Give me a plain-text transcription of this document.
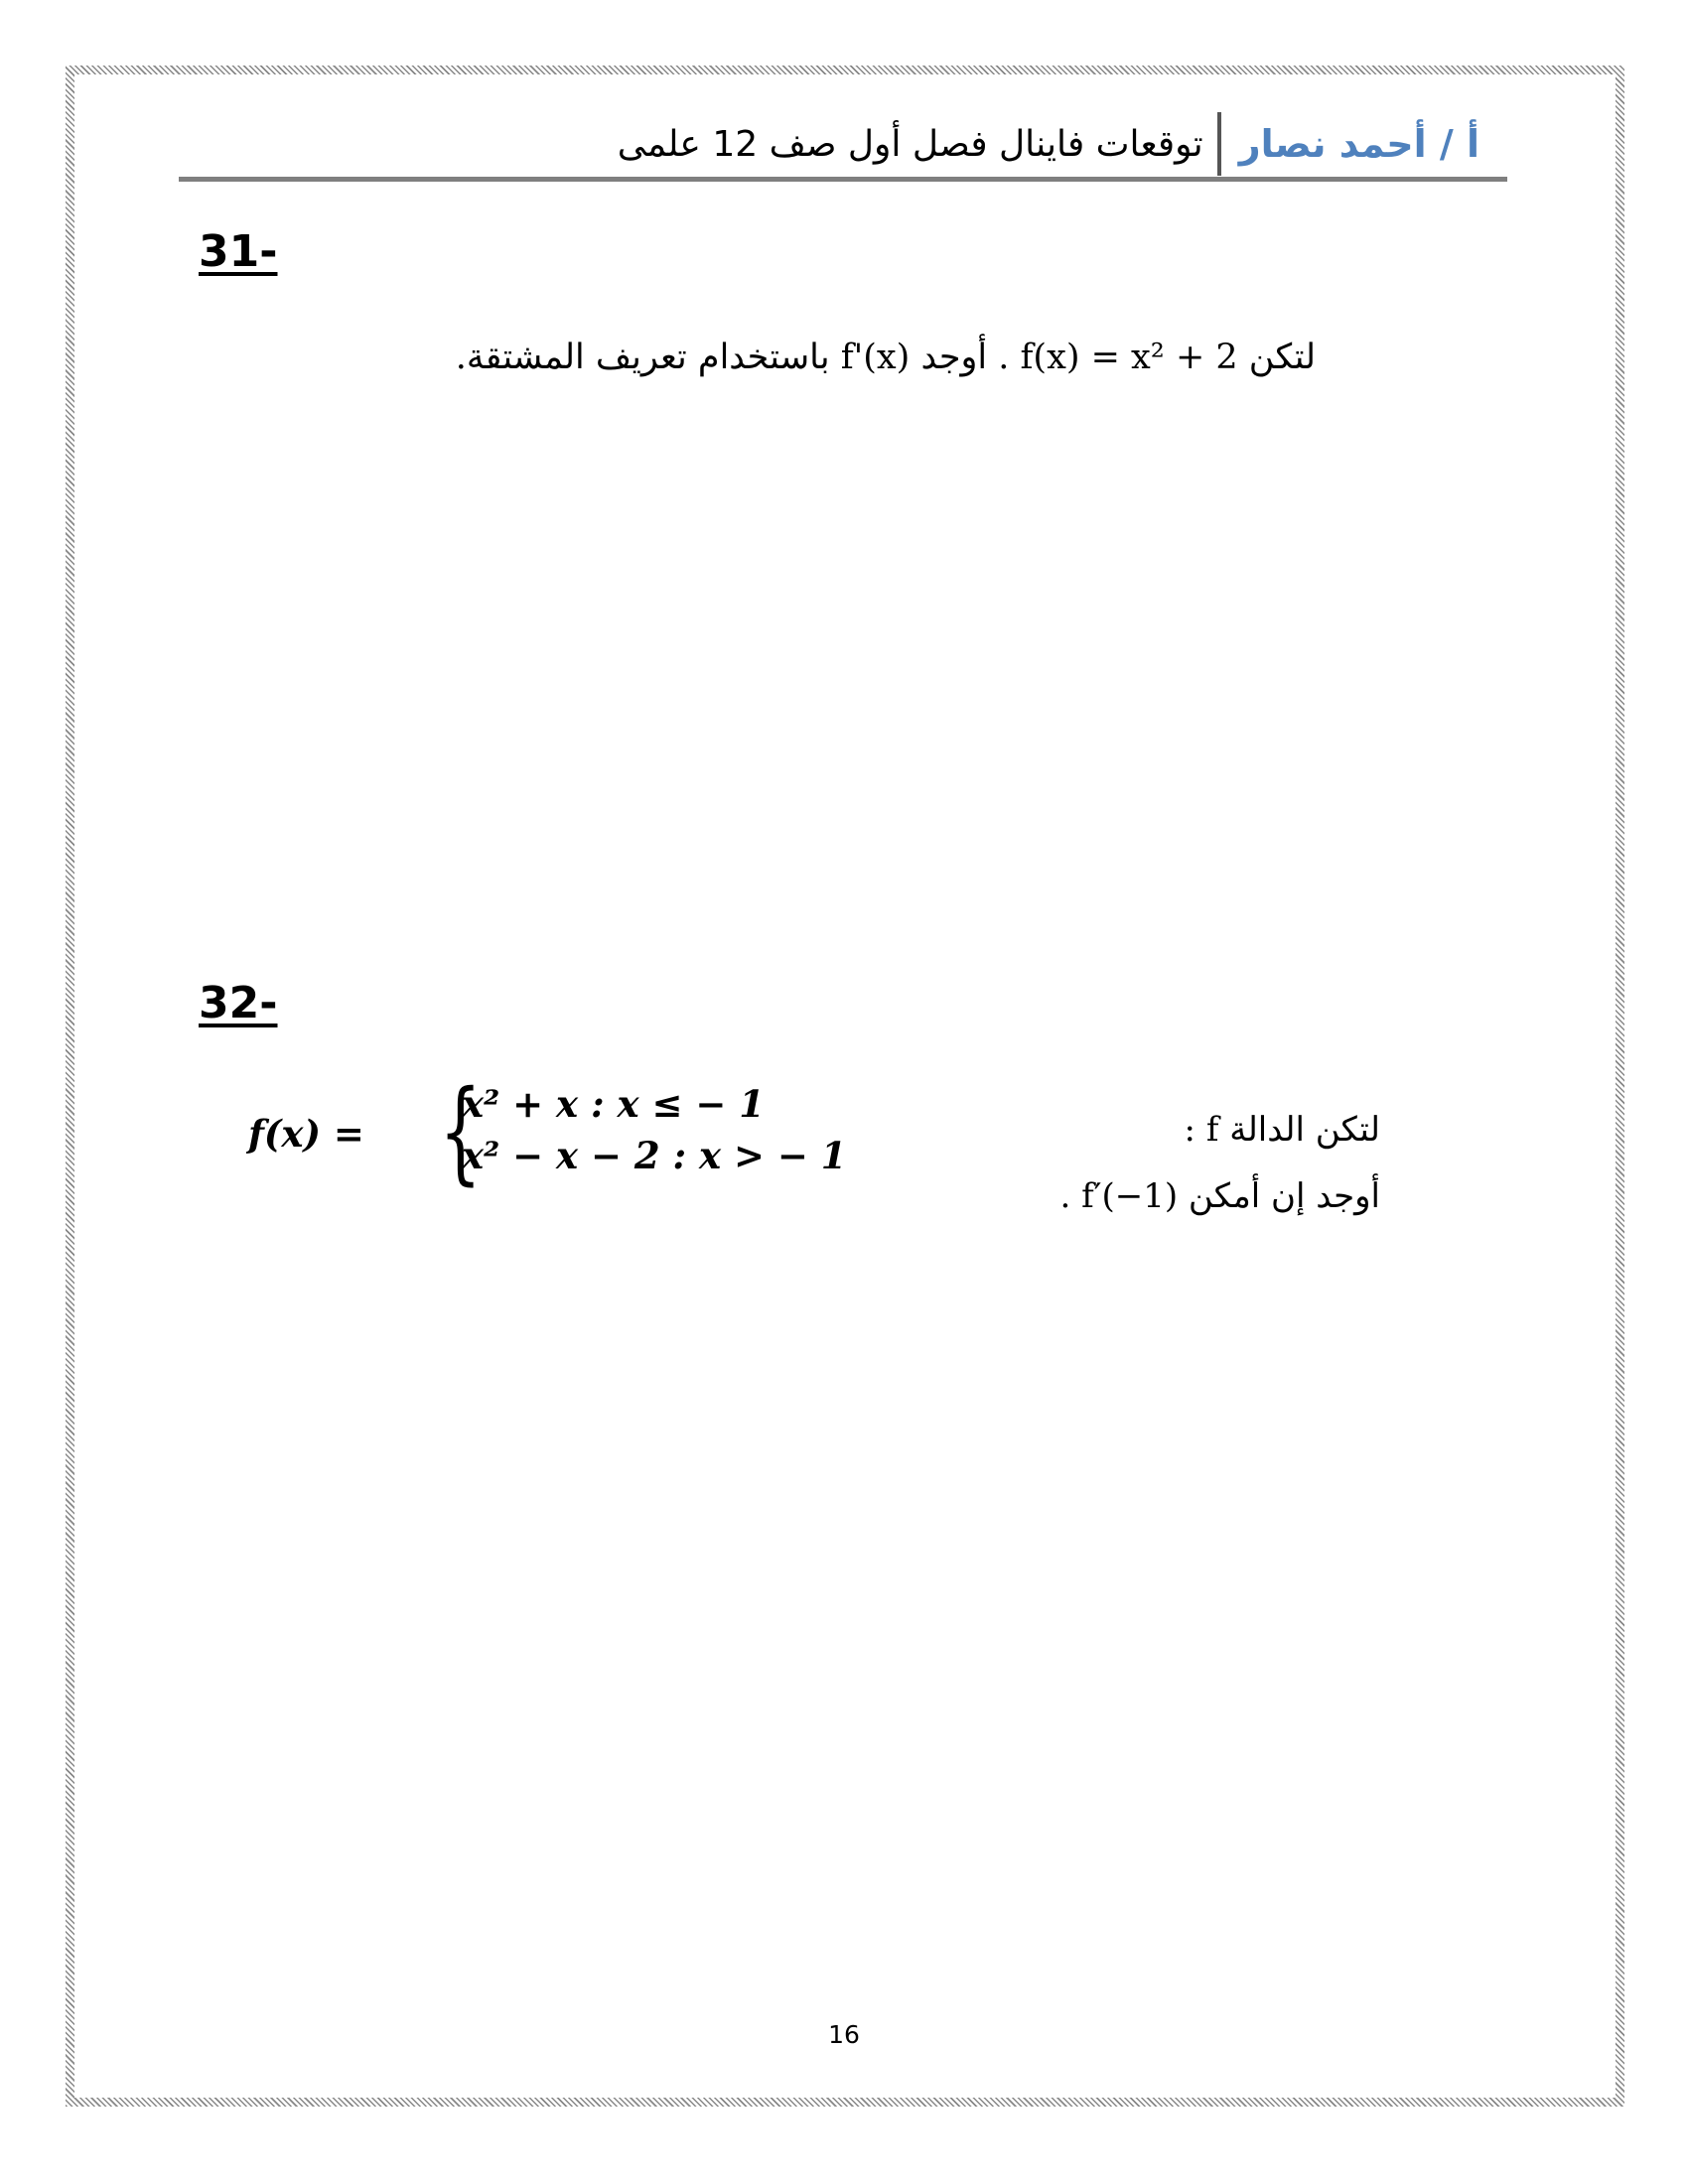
أ / أحمد نصار
توقعات فاينال فصل أول صف 12 علمى
31-
لتكن f(x) = x² + 2 . أوجد f'(x) باستخدام تعريف المشتقة.
32-
f(x) = {
x² + x : x ≤ − 1
x² − x − 2 : x > − 1
لتكن الدالة f :
أوجد إن أمكن f′(−1) .
16
